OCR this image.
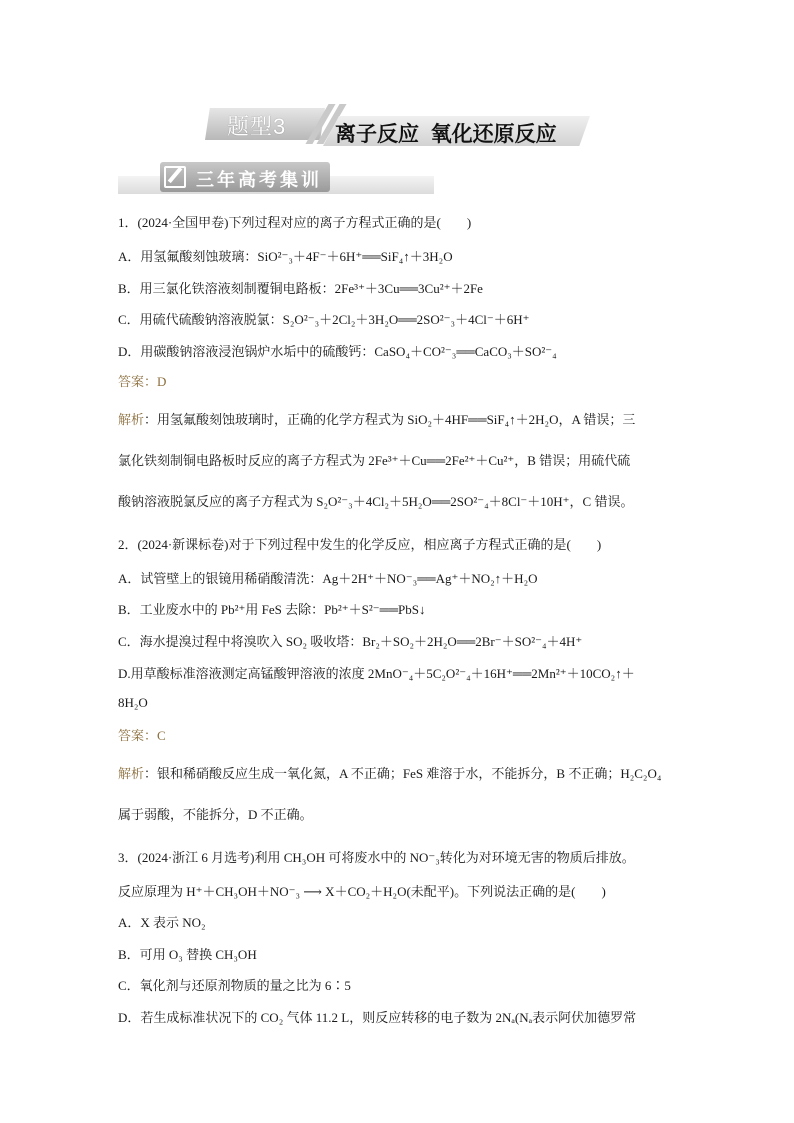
题型3 离子反应  氧化还原反应
三年高考集训
1．(2024·全国甲卷)下列过程对应的离子方程式正确的是(　　)
A．用氢氟酸刻蚀玻璃：SiO²⁻₃＋4F⁻＋6H⁺══SiF₄↑＋3H₂O
B．用三氯化铁溶液刻制覆铜电路板：2Fe³⁺＋3Cu══3Cu²⁺＋2Fe
C．用硫代硫酸钠溶液脱氯：S₂O²⁻₃＋2Cl₂＋3H₂O══2SO²⁻₃＋4Cl⁻＋6H⁺
D．用碳酸钠溶液浸泡锅炉水垢中的硫酸钙：CaSO₄＋CO²⁻₃══CaCO₃＋SO²⁻₄
答案：D
解析：用氢氟酸刻蚀玻璃时，正确的化学方程式为 SiO₂＋4HF══SiF₄↑＋2H₂O，A 错误；三
氯化铁刻制铜电路板时反应的离子方程式为 2Fe³⁺＋Cu══2Fe²⁺＋Cu²⁺，B 错误；用硫代硫
酸钠溶液脱氯反应的离子方程式为 S₂O²⁻₃＋4Cl₂＋5H₂O══2SO²⁻₄＋8Cl⁻＋10H⁺，C 错误。
2．(2024·新课标卷)对于下列过程中发生的化学反应，相应离子方程式正确的是(　　)
A．试管壁上的银镜用稀硝酸清洗：Ag＋2H⁺＋NO⁻₃══Ag⁺＋NO₂↑＋H₂O
B．工业废水中的 Pb²⁺用 FeS 去除：Pb²⁺＋S²⁻══PbS↓
C．海水提溴过程中将溴吹入 SO₂ 吸收塔：Br₂＋SO₂＋2H₂O══2Br⁻＋SO²⁻₄＋4H⁺
D.用草酸标准溶液测定高锰酸钾溶液的浓度 2MnO⁻₄＋5C₂O²⁻₄＋16H⁺══2Mn²⁺＋10CO₂↑＋
8H₂O
答案：C
解析：银和稀硝酸反应生成一氧化氮，A 不正确；FeS 难溶于水，不能拆分，B 不正确；H₂C₂O₄
属于弱酸，不能拆分，D 不正确。
3．(2024·浙江 6 月选考)利用 CH₃OH 可将废水中的 NO⁻₃转化为对环境无害的物质后排放。
反应原理为 H⁺＋CH₃OH＋NO⁻₃ ⟶ X＋CO₂＋H₂O(未配平)。下列说法正确的是(　　)
A．X 表示 NO₂
B．可用 O₃ 替换 CH₃OH
C．氧化剂与还原剂物质的量之比为 6∶5
D．若生成标准状况下的 CO₂ 气体 11.2 L，则反应转移的电子数为 2Nₐ(Nₐ表示阿伏加德罗常
